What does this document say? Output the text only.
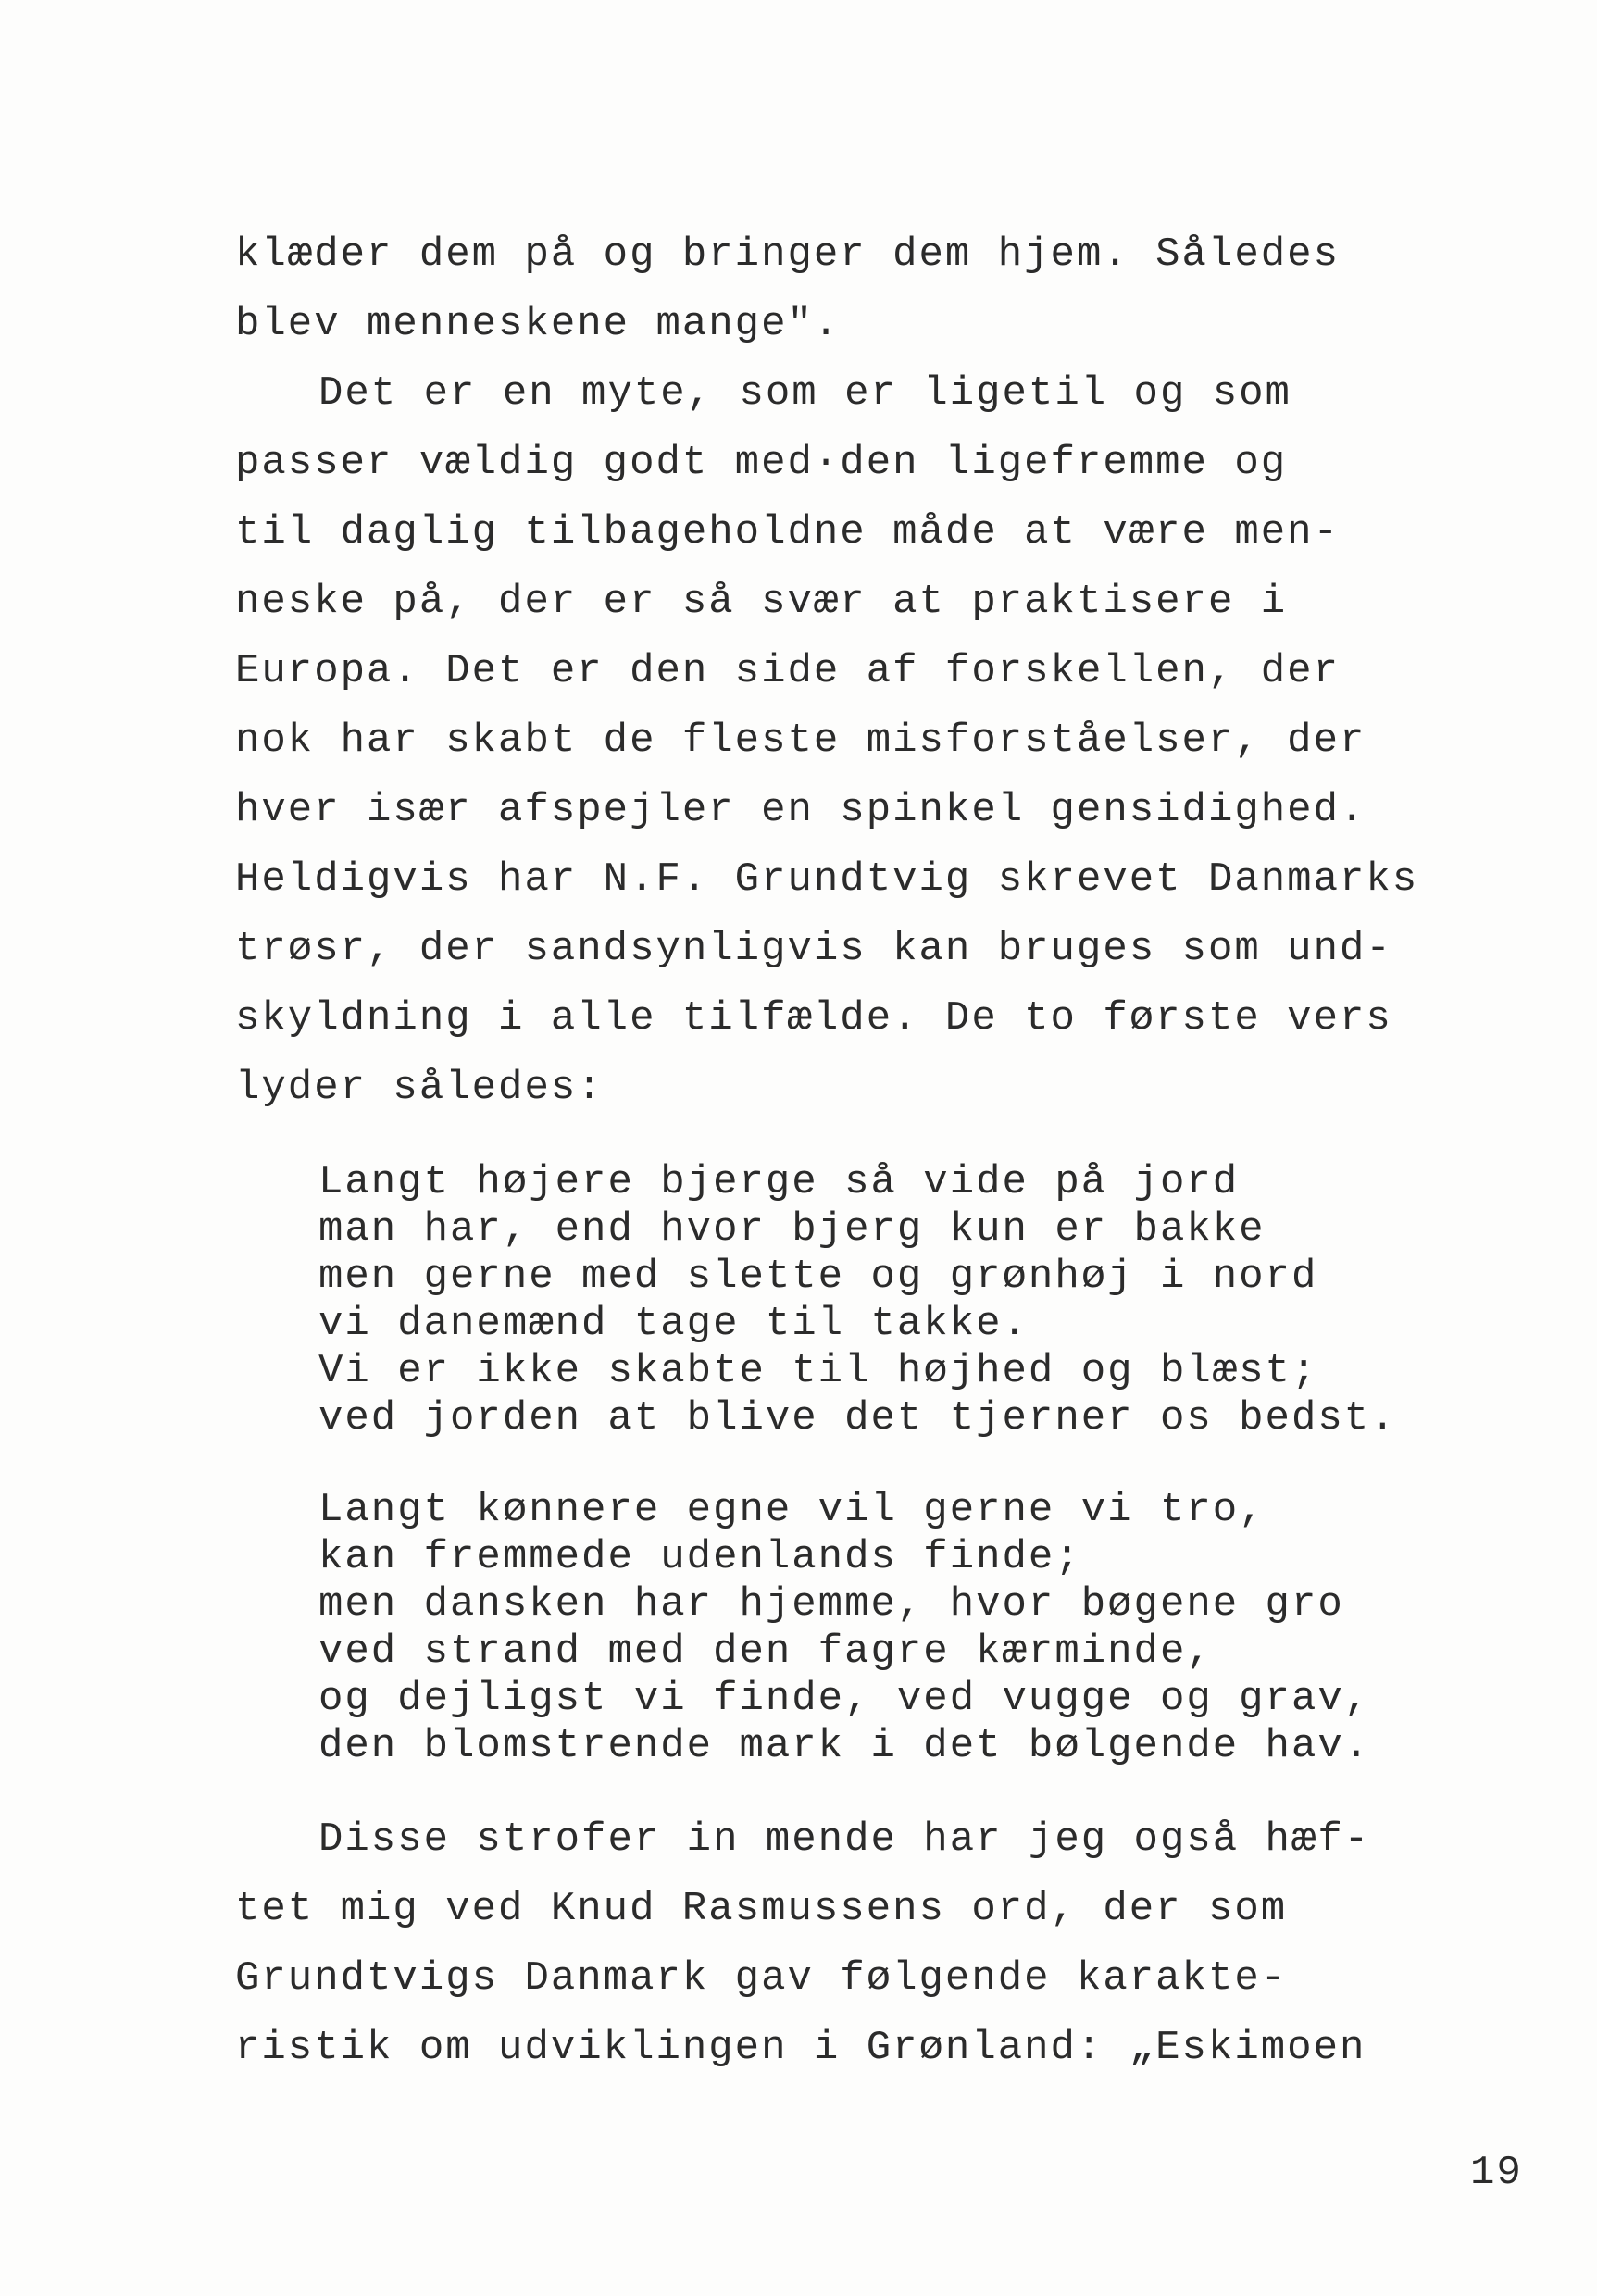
klæder dem på og bringer dem hjem. Således
blev menneskene mange".
Det er en myte, som er ligetil og som
passer vældig godt med·den ligefremme og
til daglig tilbageholdne måde at være men-
neske på, der er så svær at praktisere i
Europa. Det er den side af forskellen, der
nok har skabt de fleste misforståelser, der
hver især afspejler en spinkel gensidighed.
Heldigvis har N.F. Grundtvig skrevet Danmarks
trøsr, der sandsynligvis kan bruges som und-
skyldning i alle tilfælde. De to første vers
lyder således:
Langt højere bjerge så vide på jord
man har, end hvor bjerg kun er bakke
men gerne med slette og grønhøj i nord
vi danemænd tage til takke.
Vi er ikke skabte til højhed og blæst;
ved jorden at blive det tjerner os bedst.
Langt kønnere egne vil gerne vi tro,
kan fremmede udenlands finde;
men dansken har hjemme, hvor bøgene gro
ved strand med den fagre kærminde,
og dejligst vi finde, ved vugge og grav,
den blomstrende mark i det bølgende hav.
Disse strofer in mende har jeg også hæf-
tet mig ved Knud Rasmussens ord, der som
Grundtvigs Danmark gav følgende karakte-
ristik om udviklingen i Grønland: „Eskimoen
19
